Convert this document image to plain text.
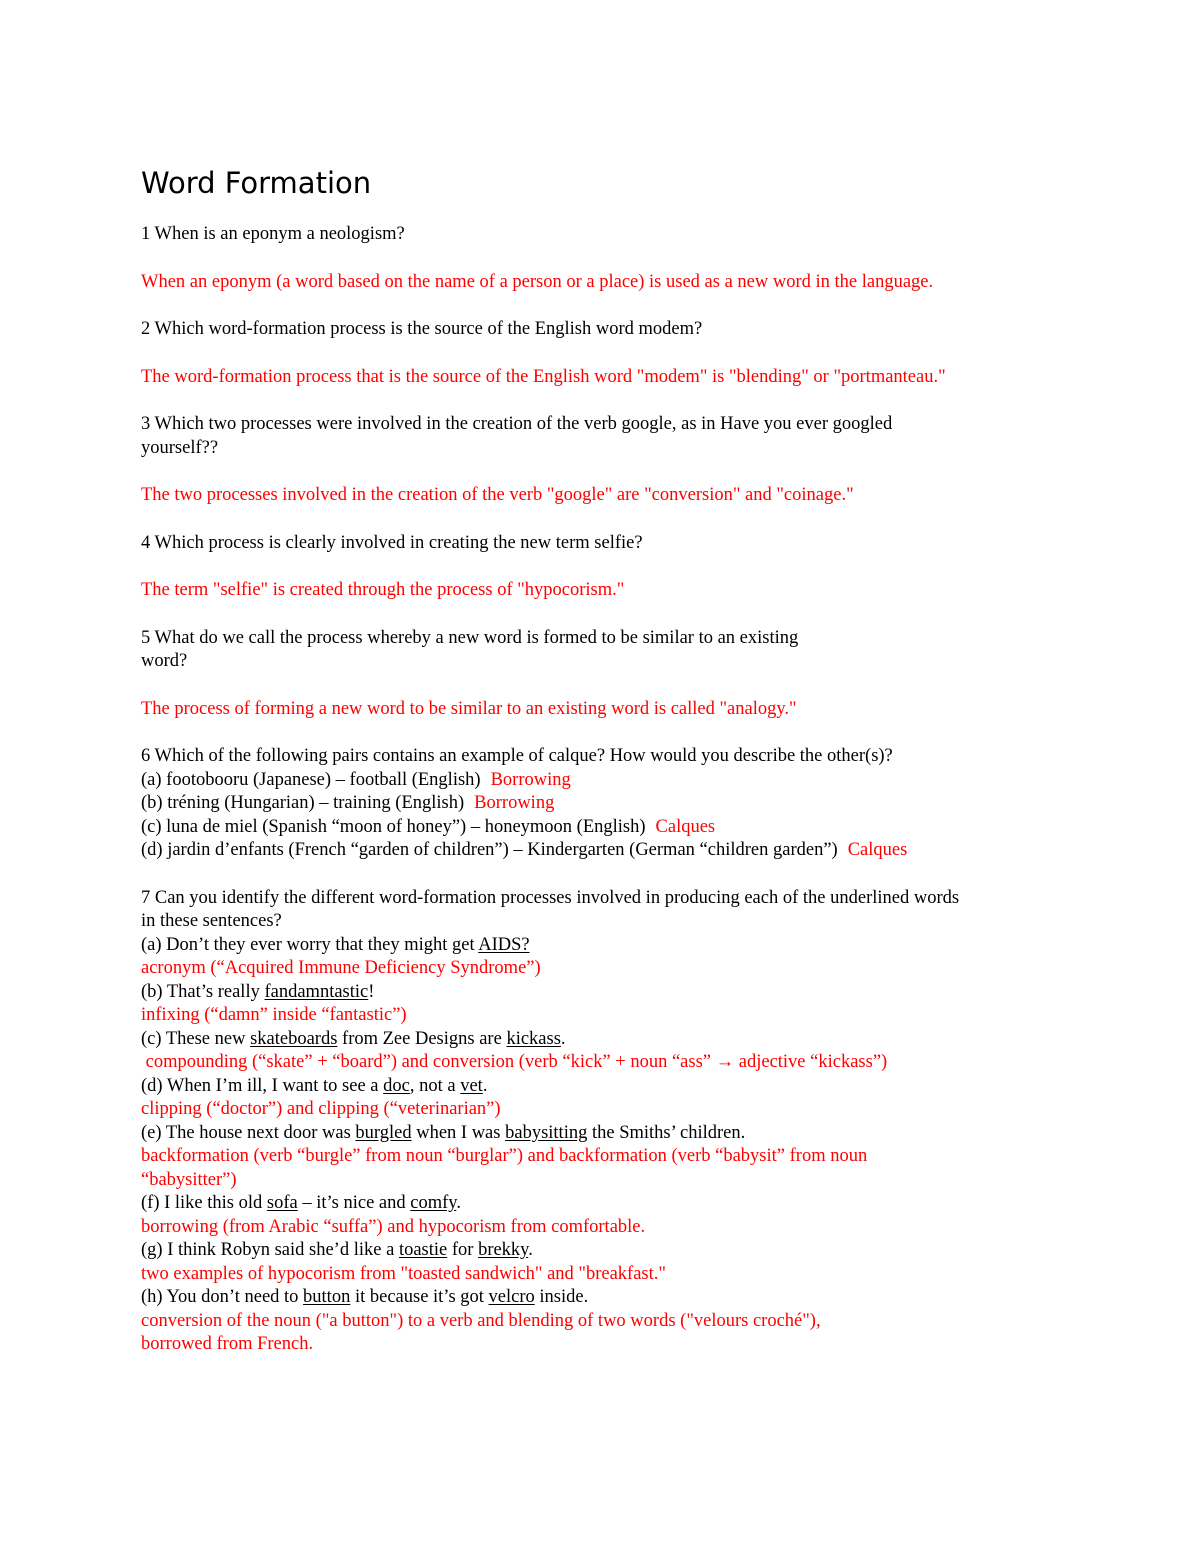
Word Formation
1 When is an eponym a neologism?
When an eponym (a word based on the name of a person or a place) is used as a new word in the language.
2 Which word-formation process is the source of the English word modem?
The word-formation process that is the source of the English word "modem" is "blending" or "portmanteau."
3 Which two processes were involved in the creation of the verb google, as in Have you ever googled
yourself??
The two processes involved in the creation of the verb "google" are "conversion" and "coinage."
4 Which process is clearly involved in creating the new term selfie?
The term "selfie" is created through the process of "hypocorism."
5 What do we call the process whereby a new word is formed to be similar to an existing
word?
The process of forming a new word to be similar to an existing word is called "analogy."
6 Which of the following pairs contains an example of calque? How would you describe the other(s)?
(a) footobooru (Japanese) – football (English) Borrowing
(b) tréning (Hungarian) – training (English) Borrowing
(c) luna de miel (Spanish “moon of honey”) – honeymoon (English) Calques
(d) jardin d’enfants (French “garden of children”) – Kindergarten (German “children garden”) Calques
7 Can you identify the different word-formation processes involved in producing each of the underlined words
in these sentences?
(a) Don’t they ever worry that they might get AIDS?
acronym (“Acquired Immune Deficiency Syndrome”)
(b) That’s really fandamntastic!
infixing (“damn” inside “fantastic”)
(c) These new skateboards from Zee Designs are kickass.
compounding (“skate” + “board”) and conversion (verb “kick” + noun “ass” → adjective “kickass”)
(d) When I’m ill, I want to see a doc, not a vet.
clipping (“doctor”) and clipping (“veterinarian”)
(e) The house next door was burgled when I was babysitting the Smiths’ children.
backformation (verb “burgle” from noun “burglar”) and backformation (verb “babysit” from noun
“babysitter”)
(f) I like this old sofa – it’s nice and comfy.
borrowing (from Arabic “suffa”) and hypocorism from comfortable.
(g) I think Robyn said she’d like a toastie for brekky.
two examples of hypocorism from "toasted sandwich" and "breakfast."
(h) You don’t need to button it because it’s got velcro inside.
conversion of the noun ("a button") to a verb and blending of two words ("velours croché"),
borrowed from French.
